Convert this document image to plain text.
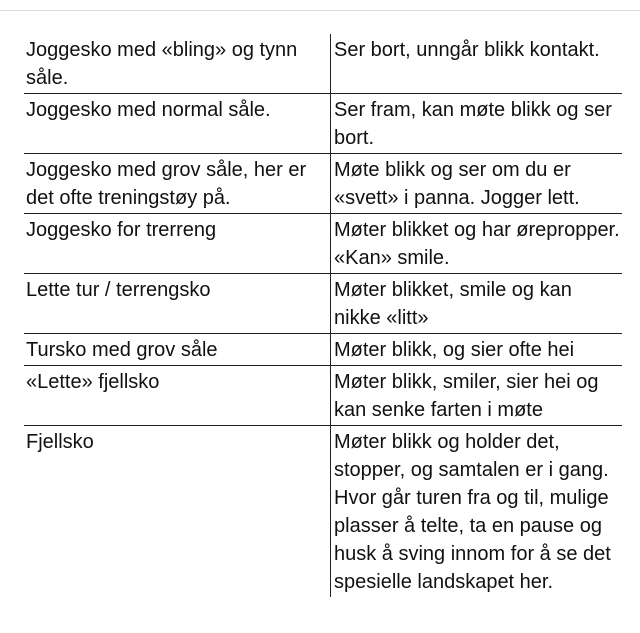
Joggesko med «bling» og tynn såle.	Ser bort, unngår blikk kontakt.
Joggesko med normal såle.	Ser fram, kan møte blikk og ser bort.
Joggesko med grov såle, her er det ofte treningstøy på.	Møte blikk og ser om du er «svett» i panna. Jogger lett.
Joggesko for trerreng	Møter blikket og har ørepropper. «Kan» smile.
Lette tur / terrengsko	Møter blikket, smile og kan nikke «litt»
Tursko med grov såle	Møter blikk, og sier ofte hei
«Lette» fjellsko	Møter blikk, smiler, sier hei og kan senke farten i møte
Fjellsko	Møter blikk og holder det, stopper, og samtalen er i gang. Hvor går turen fra og til, mulige plasser å telte, ta en pause og husk å sving innom for å se det spesielle landskapet her.
